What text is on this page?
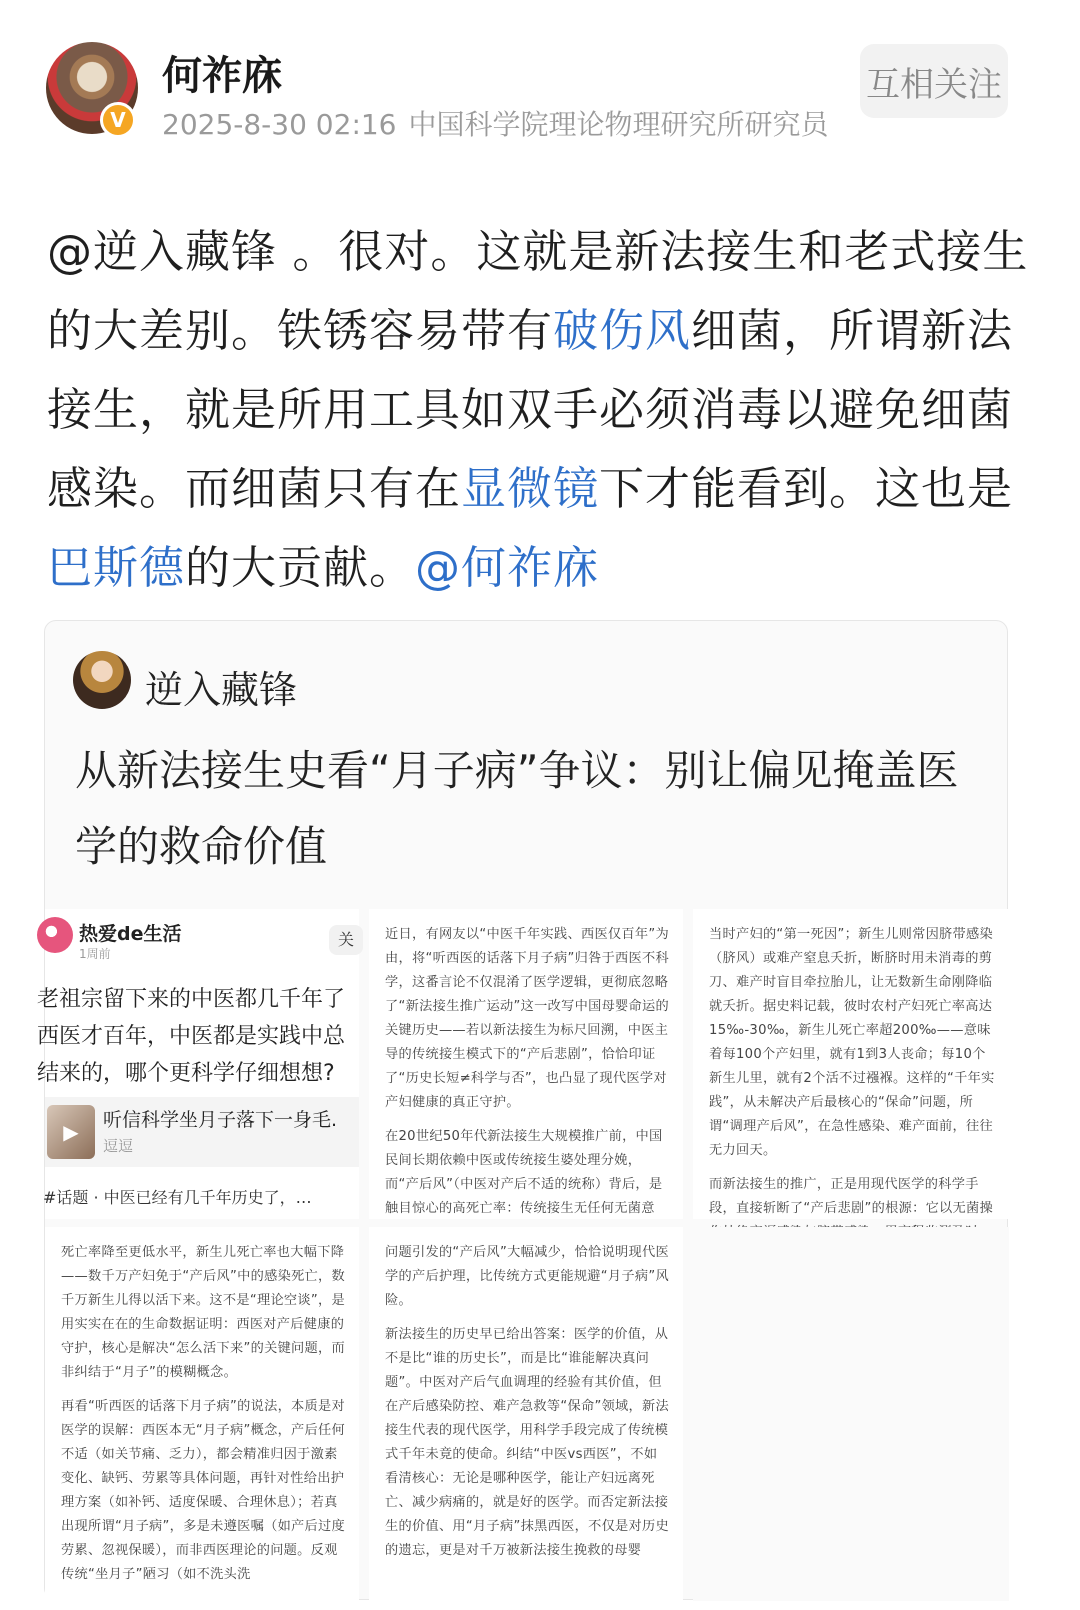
V
何祚庥
2025-8-30 02:16 中国科学院理论物理研究所研究员
互相关注
@逆入藏锋 。很对。这就是新法接生和老式接生的大差别。铁锈容易带有破伤风细菌，所谓新法接生，就是所用工具如双手必须消毒以避免细菌感染。而细菌只有在显微镜下才能看到。这也是巴斯德的大贡献。@何祚庥
逆入藏锋
从新法接生史看“月子病”争议：别让偏见掩盖医学的救命价值
热爱de生活
1周前
关
老祖宗留下来的中医都几千年了
西医才百年，中医都是实践中总
结来的，哪个更科学仔细想想?
▶	听信科学坐月子落下一身毛.
逗逗
#话题 · 中医已经有几千年历史了，…

近日，有网友以“中医千年实践、西医仅百年”为由，将“听西医的话落下月子病”归咎于西医不科学，这番言论不仅混淆了医学逻辑，更彻底忽略了“新法接生推广运动”这一改写中国母婴命运的关键历史——若以新法接生为标尺回溯，中医主导的传统接生模式下的“产后悲剧”，恰恰印证了“历史长短≠科学与否”，也凸显了现代医学对产妇健康的真正守护。

在20世纪50年代新法接生大规模推广前，中国民间长期依赖中医或传统接生婆处理分娩，而“产后风”（中医对产后不适的统称）背后，是触目惊心的高死亡率：传统接生无任何无菌意

当时产妇的“第一死因”；新生儿则常因脐带感染（脐风）或难产窒息夭折，断脐时用未消毒的剪刀、难产时盲目牵拉胎儿，让无数新生命刚降临就夭折。据史料记载，彼时农村产妇死亡率高达15‰-30‰，新生儿死亡率超200‰——意味着每100个产妇里，就有1到3人丧命；每10个新生儿里，就有2个活不过襁褓。这样的“千年实践”，从未解决产后最核心的“保命”问题，所谓“调理产后风”，在急性感染、难产面前，往往无力回天。

而新法接生的推广，正是用现代医学的科学手段，直接斩断了“产后悲剧”的根源：它以无菌操

死亡率降至更低水平，新生儿死亡率也大幅下降——数千万产妇免于“产后风”中的感染死亡，数千万新生儿得以活下来。这不是“理论空谈”，是用实实在在的生命数据证明：西医对产后健康的守护，核心是解决“怎么活下来”的关键问题，而非纠结于“月子”的模糊概念。

再看“听西医的话落下月子病”的说法，本质是对医学的误解：西医本无“月子病”概念，产后任何不适（如关节痛、乏力），都会精准归因于激素变化、缺钙、劳累等具体问题，再针对性给出护理方案（如补钙、适度保暖、合理休息）；若真出现所谓“月子病”，多是未遵医嘱（如产后过度劳累、忽视保暖），而非西医理论的问题。反观传统“坐月子”陋习（如不洗头洗

问题引发的“产后风”大幅减少，恰恰说明现代医学的产后护理，比传统方式更能规避“月子病”风险。

新法接生的历史早已给出答案：医学的价值，从不是比“谁的历史长”，而是比“谁能解决真问题”。中医对产后气血调理的经验有其价值，但在产后感染防控、难产急救等“保命”领域，新法接生代表的现代医学，用科学手段完成了传统模式千年未竟的使命。纠结“中医vs西医”，不如看清核心：无论是哪种医学，能让产妇远离死亡、减少病痛的，就是好的医学。而否定新法接生的价值、用“月子病”抹黑西医，不仅是对历史的遗忘，更是对千万被新法接生挽救的母婴
